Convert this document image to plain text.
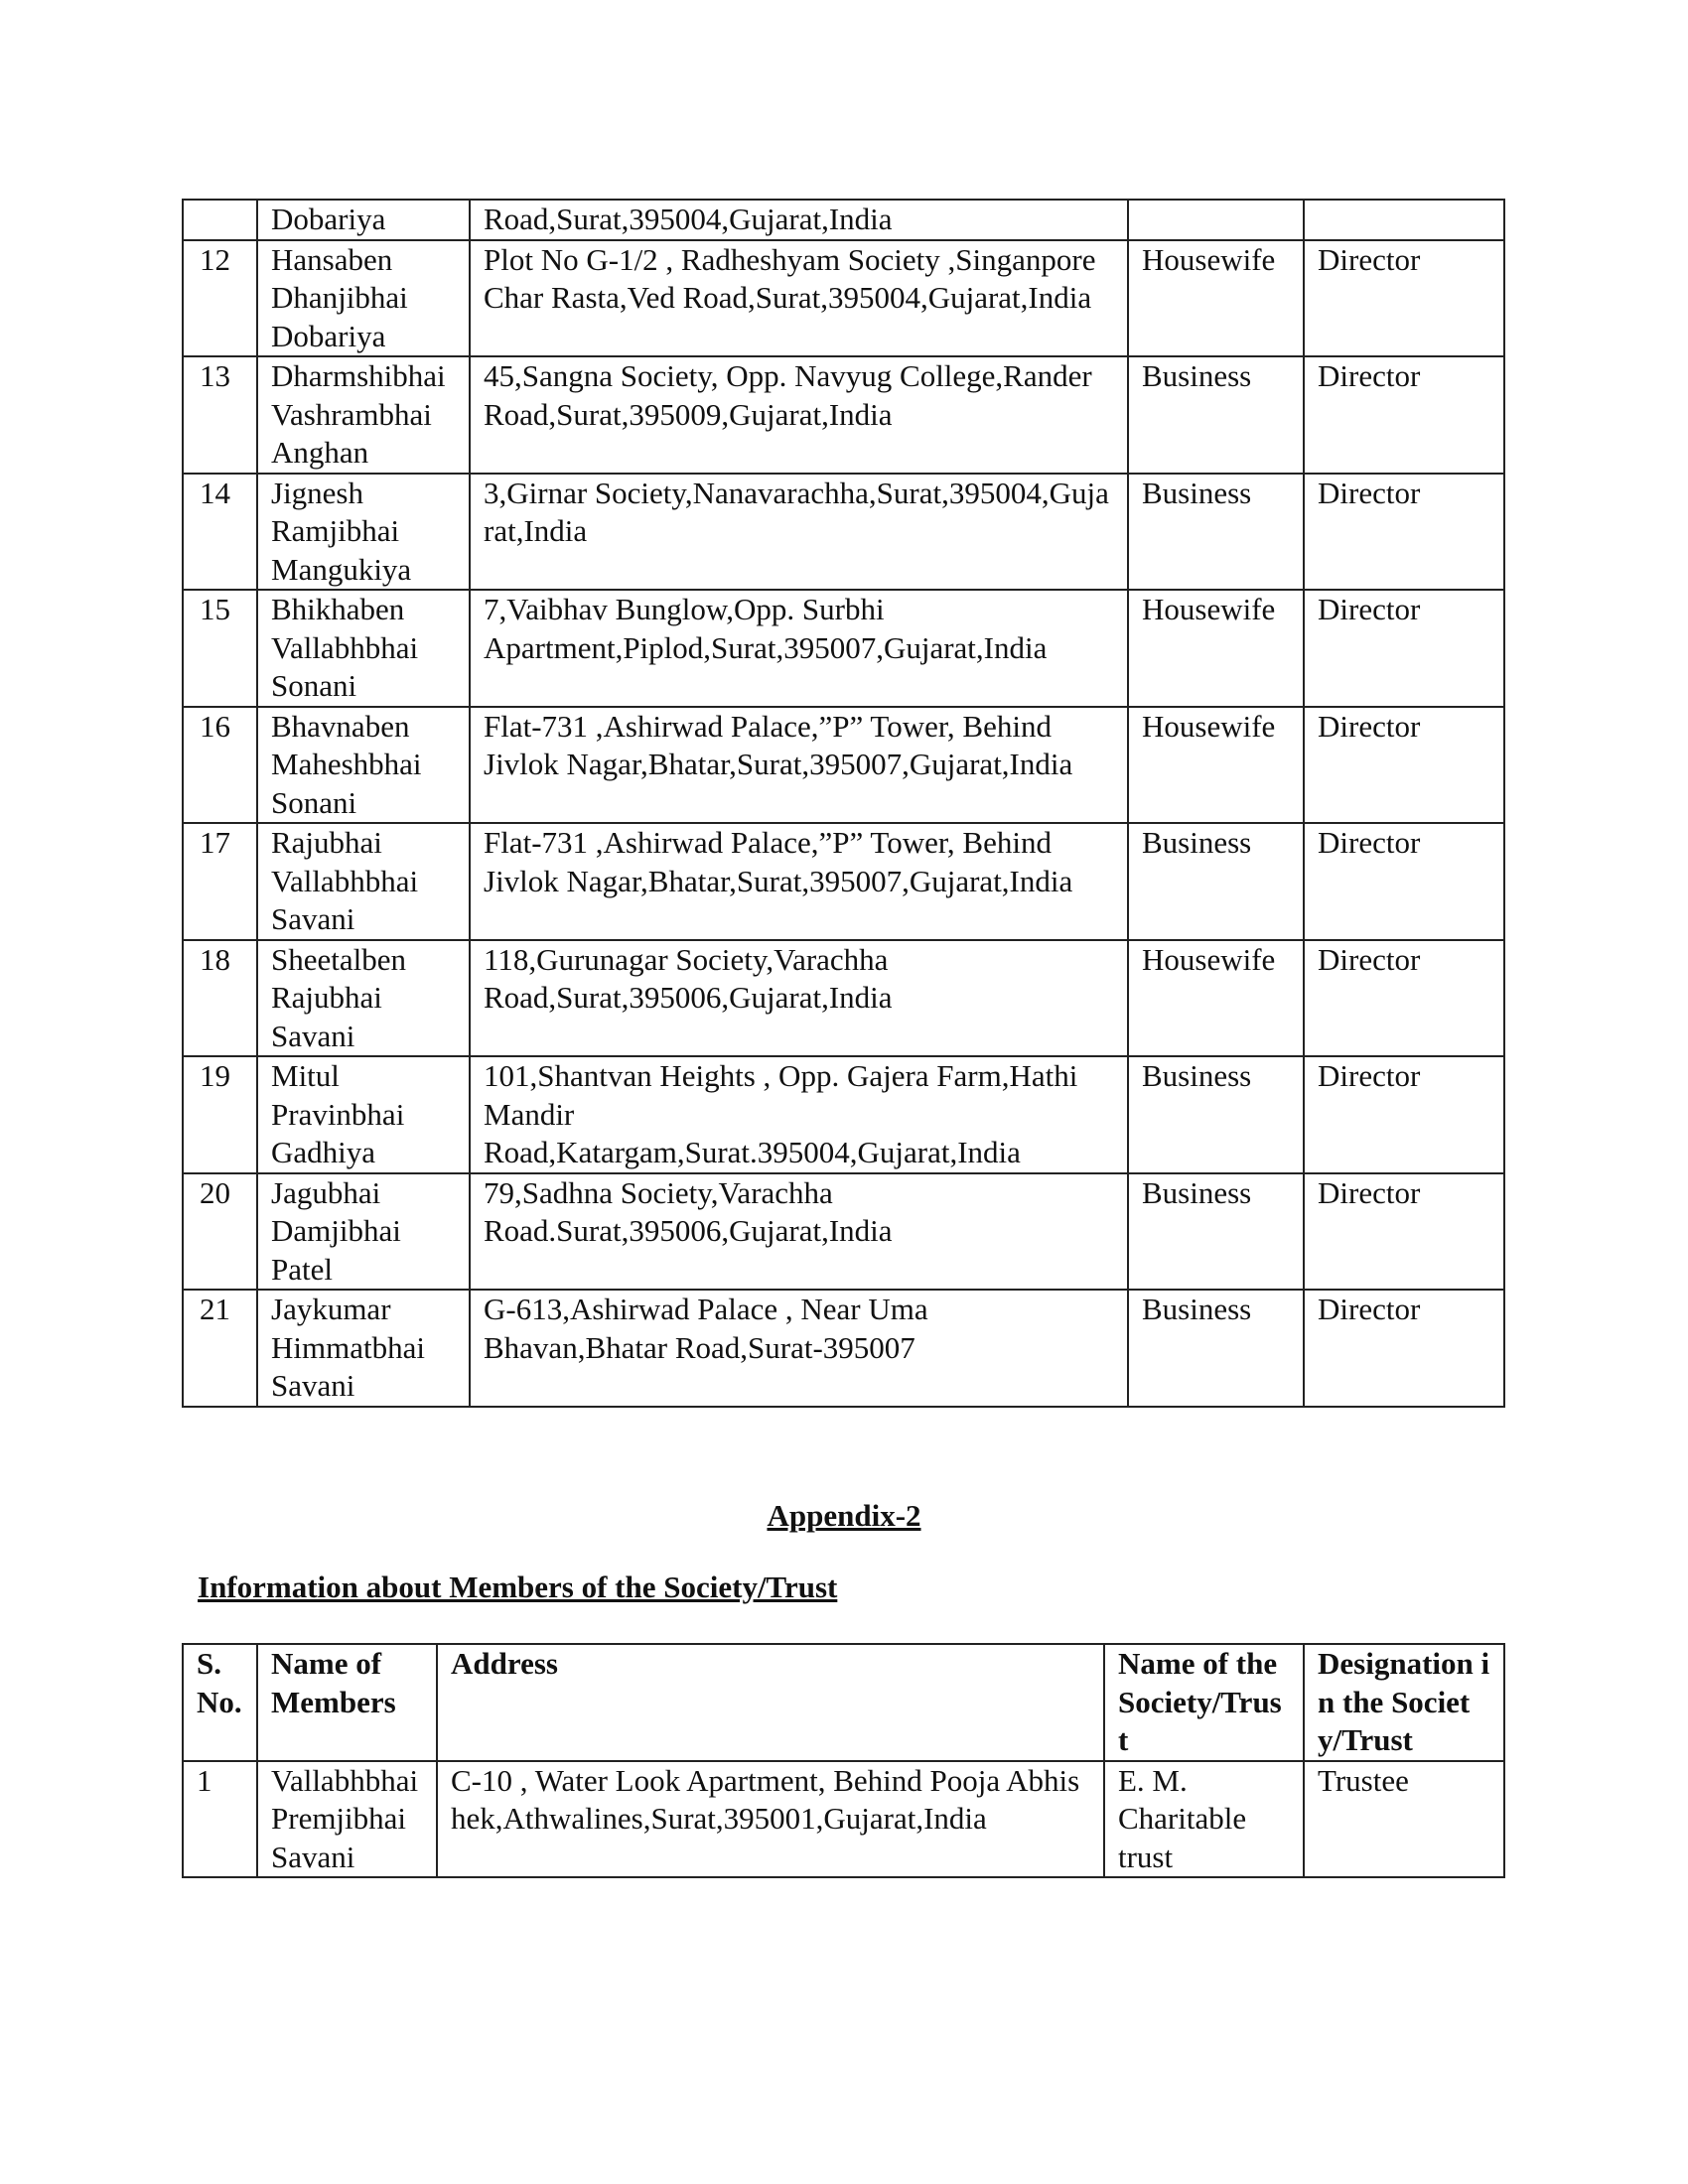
	Dobariya	Road,Surat,395004,Gujarat,India		
12	Hansaben Dhanjibhai Dobariya	Plot No G-1/2 , Radheshyam Society ,Singanpore Char Rasta,Ved Road,Surat,395004,Gujarat,India	Housewife	Director
13	Dharmshibhai Vashrambhai Anghan	45,Sangna Society, Opp. Navyug College,Rander Road,Surat,395009,Gujarat,India	Business	Director
14	Jignesh Ramjibhai Mangukiya	3,Girnar Society,Nanavarachha,Surat,395004,Gujarat,India	Business	Director
15	Bhikhaben Vallabhbhai Sonani	7,Vaibhav Bunglow,Opp. Surbhi Apartment,Piplod,Surat,395007,Gujarat,India	Housewife	Director
16	Bhavnaben Maheshbhai Sonani	Flat-731 ,Ashirwad Palace,”P” Tower, Behind Jivlok Nagar,Bhatar,Surat,395007,Gujarat,India	Housewife	Director
17	Rajubhai Vallabhbhai Savani	Flat-731 ,Ashirwad Palace,”P” Tower, Behind Jivlok Nagar,Bhatar,Surat,395007,Gujarat,India	Business	Director
18	Sheetalben Rajubhai Savani	118,Gurunagar Society,Varachha Road,Surat,395006,Gujarat,India	Housewife	Director
19	Mitul Pravinbhai Gadhiya	101,Shantvan Heights , Opp. Gajera Farm,Hathi Mandir Road,Katargam,Surat.395004,Gujarat,India	Business	Director
20	Jagubhai Damjibhai Patel	79,Sadhna Society,Varachha Road.Surat,395006,Gujarat,India	Business	Director
21	Jaykumar Himmatbhai Savani	G-613,Ashirwad Palace , Near Uma Bhavan,Bhatar Road,Surat-395007	Business	Director
Appendix-2
Information about Members of the Society/Trust
S. No.	Name of Members	Address	Name of the Society/Trust	Designation in the Society/Trust
1	Vallabhbhai Premjibhai Savani	C-10 , Water Look Apartment, Behind Pooja Abhishek,Athwalines,Surat,395001,Gujarat,India	E. M. Charitable trust	Trustee
